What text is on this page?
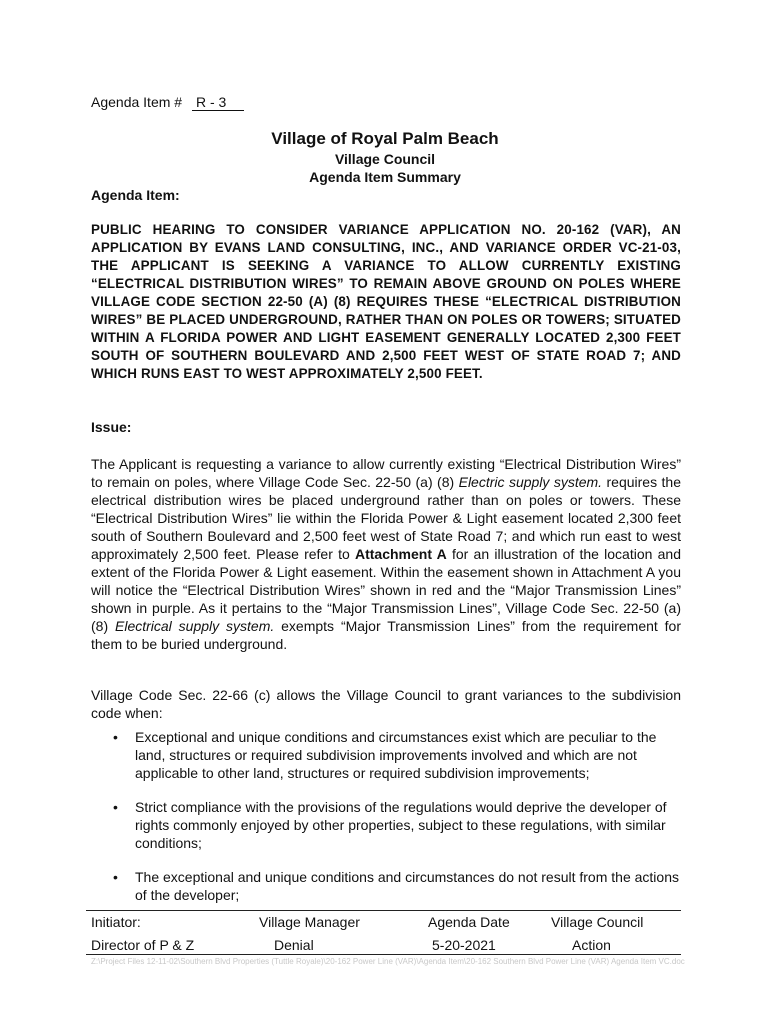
Agenda Item # R - 3
Village of Royal Palm Beach
Village Council
Agenda Item Summary
Agenda Item:
PUBLIC HEARING TO CONSIDER VARIANCE APPLICATION NO. 20-162 (VAR), AN APPLICATION BY EVANS LAND CONSULTING, INC., AND VARIANCE ORDER VC-21-03, THE APPLICANT IS SEEKING A VARIANCE TO ALLOW CURRENTLY EXISTING “ELECTRICAL DISTRIBUTION WIRES” TO REMAIN ABOVE GROUND ON POLES WHERE VILLAGE CODE SECTION 22-50 (A) (8) REQUIRES THESE “ELECTRICAL DISTRIBUTION WIRES” BE PLACED UNDERGROUND, RATHER THAN ON POLES OR TOWERS; SITUATED WITHIN A FLORIDA POWER AND LIGHT EASEMENT GENERALLY LOCATED 2,300 FEET SOUTH OF SOUTHERN BOULEVARD AND 2,500 FEET WEST OF STATE ROAD 7; AND WHICH RUNS EAST TO WEST APPROXIMATELY 2,500 FEET.
Issue:
The Applicant is requesting a variance to allow currently existing “Electrical Distribution Wires” to remain on poles, where Village Code Sec. 22-50 (a) (8) Electric supply system. requires the electrical distribution wires be placed underground rather than on poles or towers. These “Electrical Distribution Wires” lie within the Florida Power & Light easement located 2,300 feet south of Southern Boulevard and 2,500 feet west of State Road 7; and which run east to west approximately 2,500 feet. Please refer to Attachment A for an illustration of the location and extent of the Florida Power & Light easement. Within the easement shown in Attachment A you will notice the “Electrical Distribution Wires” shown in red and the “Major Transmission Lines” shown in purple. As it pertains to the “Major Transmission Lines”, Village Code Sec. 22-50 (a) (8) Electrical supply system. exempts “Major Transmission Lines” from the requirement for them to be buried underground.
Village Code Sec. 22-66 (c) allows the Village Council to grant variances to the subdivision code when:
• Exceptional and unique conditions and circumstances exist which are peculiar to the land, structures or required subdivision improvements involved and which are not applicable to other land, structures or required subdivision improvements;
• Strict compliance with the provisions of the regulations would deprive the developer of rights commonly enjoyed by other properties, subject to these regulations, with similar conditions;
• The exceptional and unique conditions and circumstances do not result from the actions of the developer;
Initiator:	Village Manager	Agenda Date	Village Council
Director of P & Z	Denial	5-20-2021	Action
Z:\Project Files 12-11-02\Southern Blvd Properties (Tuttle Royale)\20-162 Power Line (VAR)\Agenda Item\20-162 Southern Blvd Power Line (VAR) Agenda Item VC.doc
